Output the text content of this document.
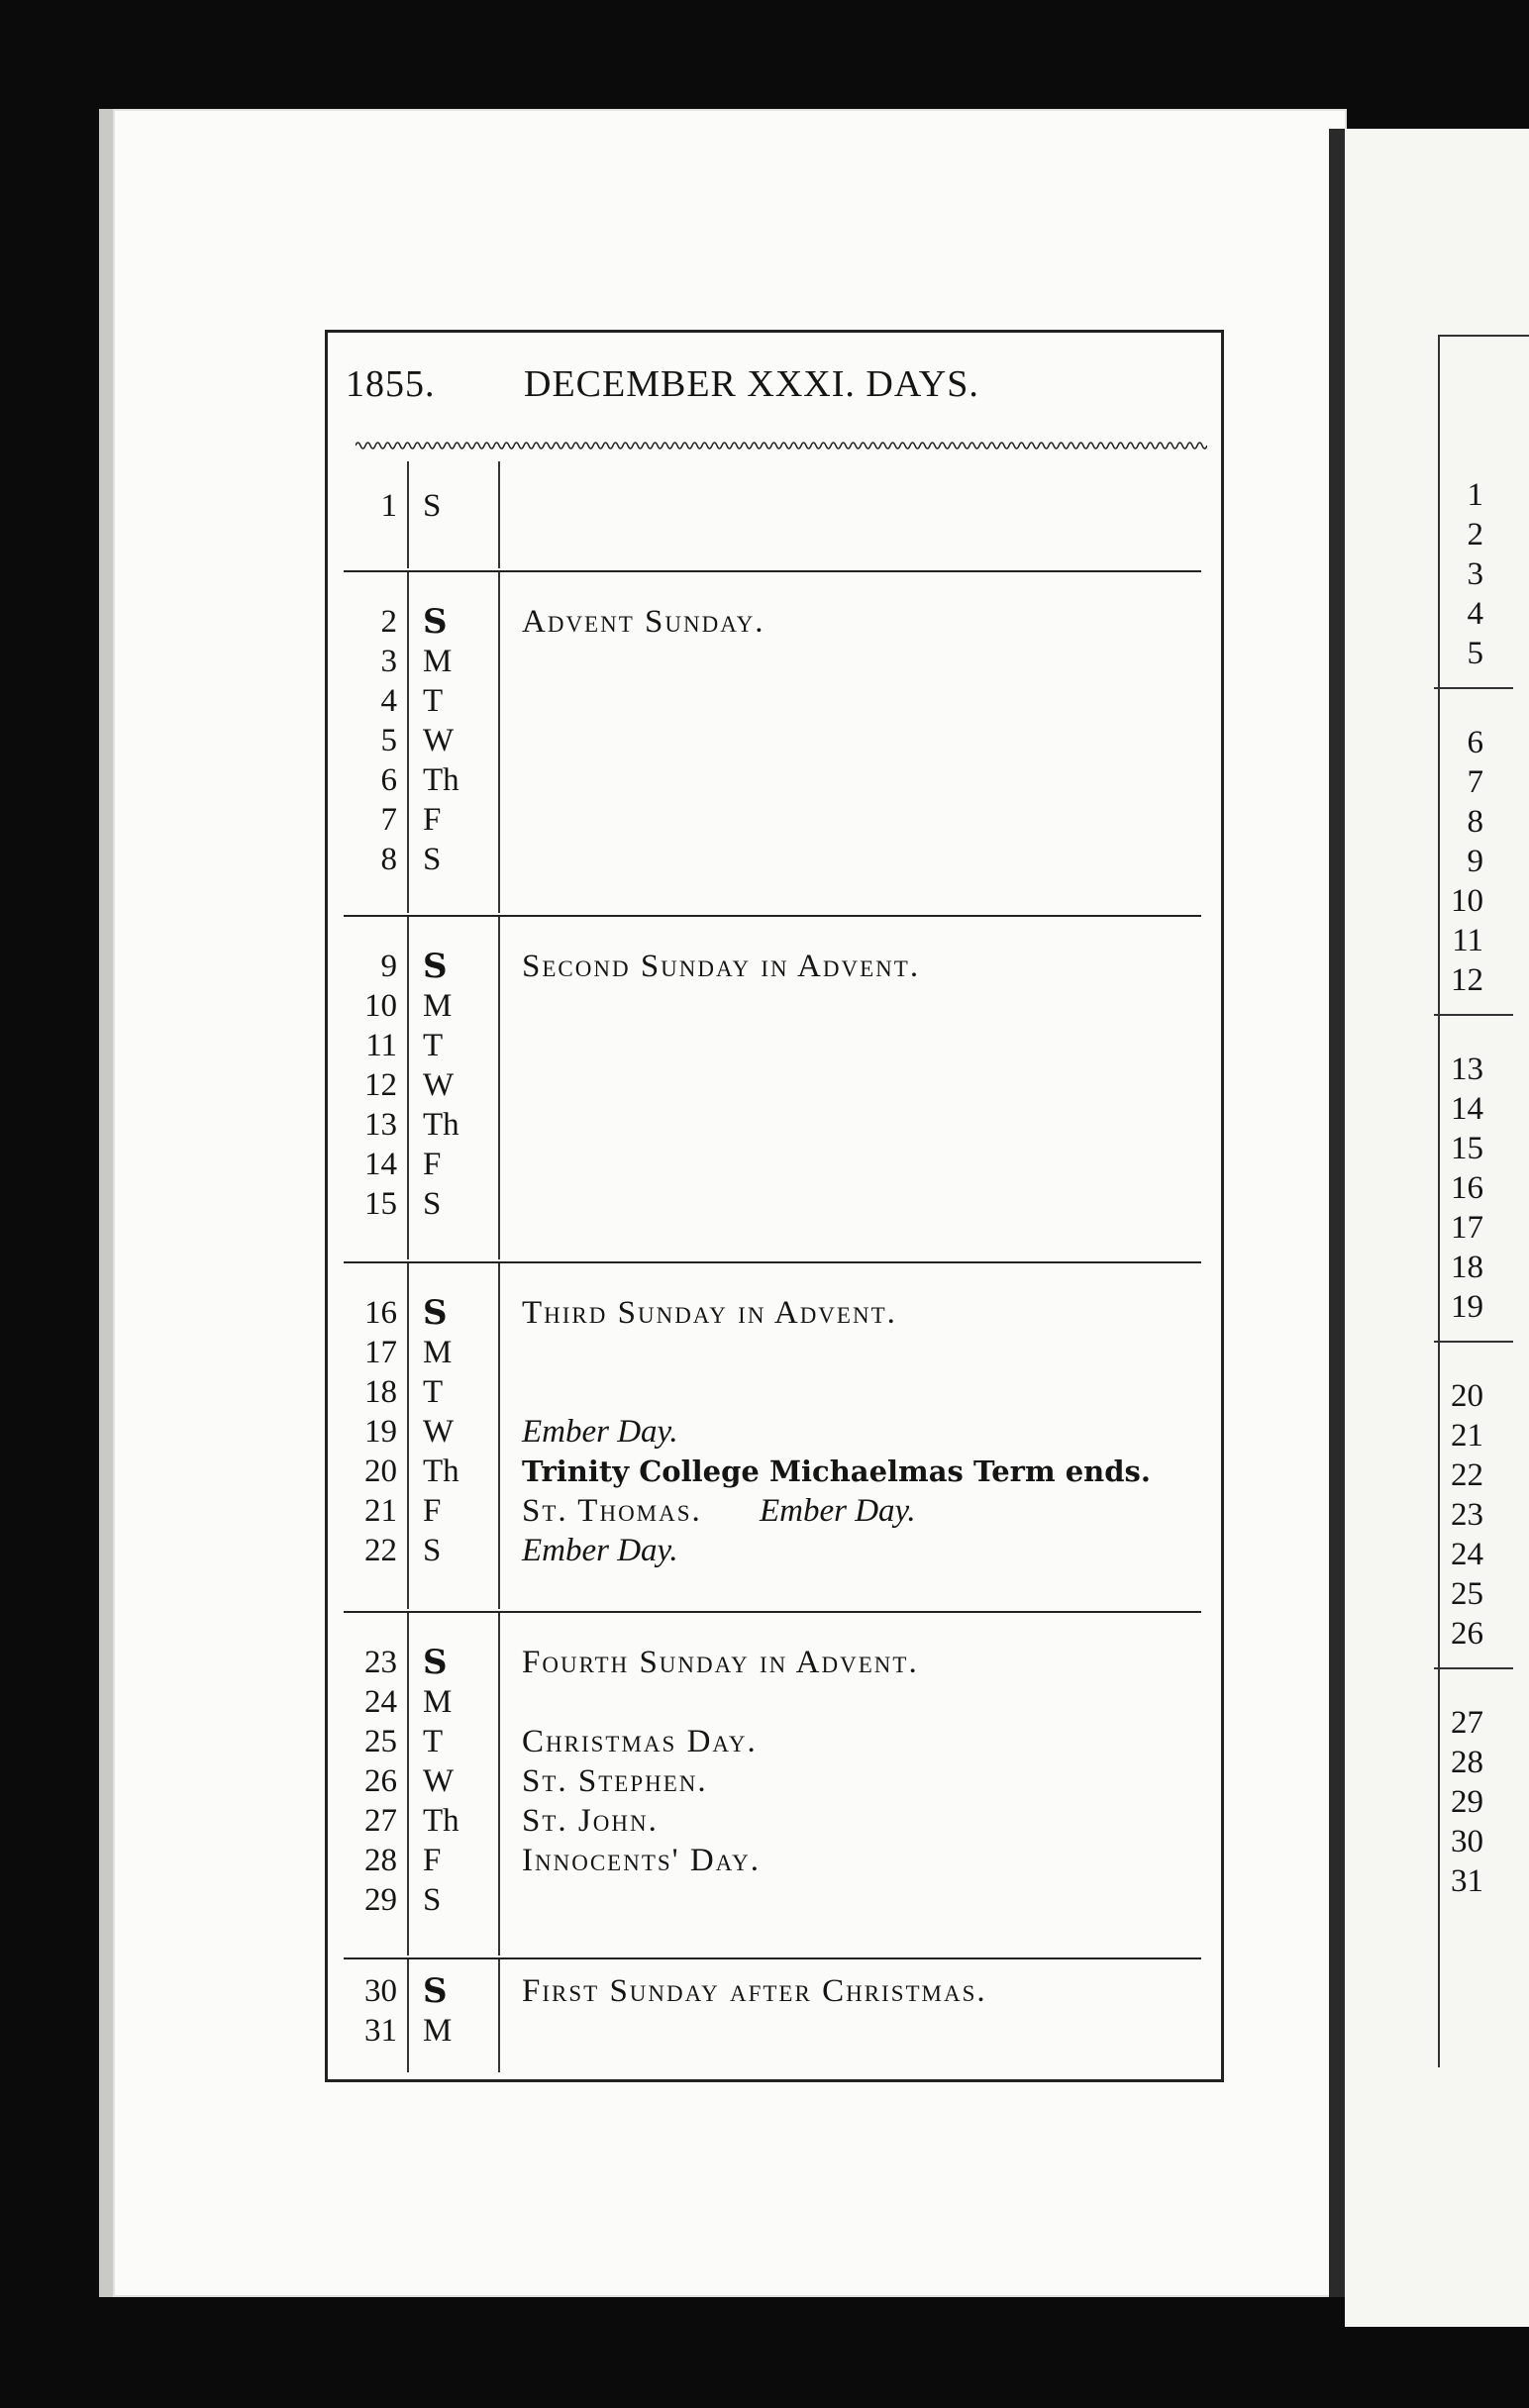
1855. DECEMBER XXXI. DAYS.
1 S
2 S	Advent Sunday.
3 M
4 T
5 W
6 Th
7 F
8 S
9 S	Second Sunday in Advent.
10 M
11 T
12 W
13 Th
14 F
15 S
16 S	Third Sunday in Advent.
17 M
18 T
19 W	Ember Day.
20 Th	Trinity College Michaelmas Term ends.
21 F	St. Thomas. Ember Day.
22 S	Ember Day.
23 S	Fourth Sunday in Advent.
24 M
25 T	Christmas Day.
26 W	St. Stephen.
27 Th	St. John.
28 F	Innocents' Day.
29 S
30 S	First Sunday after Christmas.
31 M
1
2
3
4
5
6
7
8
9
10
11
12
13
14
15
16
17
18
19
20
21
22
23
24
25
26
27
28
29
30
31
